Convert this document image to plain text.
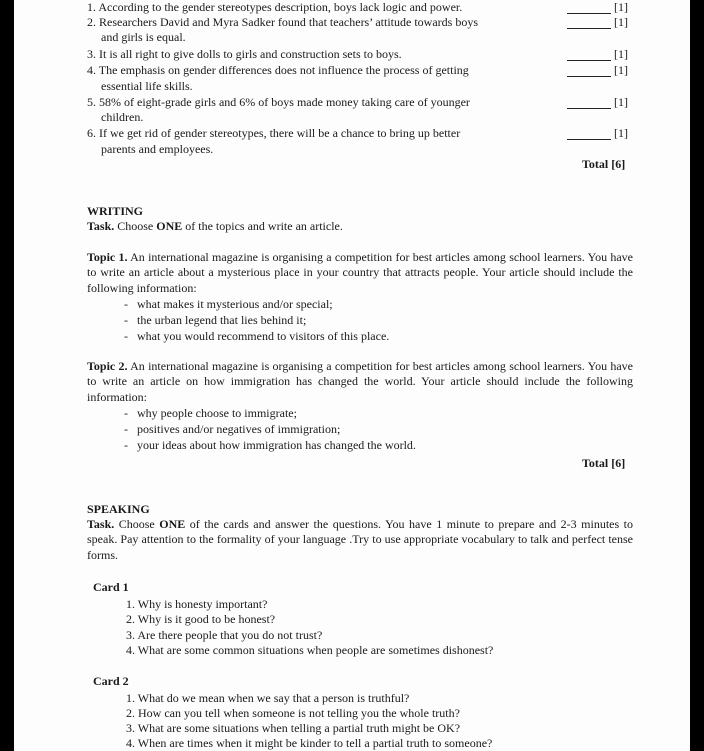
1. According to the gender stereotypes description, boys lack logic and power.	[1]
2. Researchers David and Myra Sadker found that teachers’ attitude towards boys
and girls is equal.
[1]
3. It is all right to give dolls to girls and construction sets to boys.	[1]
4. The emphasis on gender differences does not influence the process of getting
essential life skills.
[1]
5. 58% of eight-grade girls and 6% of boys made money taking care of younger
children.
[1]
6. If we get rid of gender stereotypes, there will be a chance to bring up better
parents and employees.
[1]
Total [6]
WRITING
Task. Choose ONE of the topics and write an article.
Topic 1. An international magazine is organising a competition for best articles among school learners. You have to write an article about a mysterious place in your country that attracts people. Your article should include the following information:
-   what makes it mysterious and/or special;
-   the urban legend that lies behind it;
-   what you would recommend to visitors of this place.
Topic 2. An international magazine is organising a competition for best articles among school learners. You have to write an article on how immigration has changed the world. Your article should include the following information:
-   why people choose to immigrate;
-   positives and/or negatives of immigration;
-   your ideas about how immigration has changed the world.
Total [6]
SPEAKING
Task. Choose ONE of the cards and answer the questions. You have 1 minute to prepare and 2-3 minutes to speak. Pay attention to the formality of your language .Try to use appropriate vocabulary to talk and perfect tense forms.
Card 1
1. Why is honesty important?
2. Why is it good to be honest?
3. Are there people that you do not trust?
4. What are some common situations when people are sometimes dishonest?
Card 2
1. What do we mean when we say that a person is truthful?
2. How can you tell when someone is not telling you the whole truth?
3. What are some situations when telling a partial truth might be OK?
4. When are times when it might be kinder to tell a partial truth to someone?
